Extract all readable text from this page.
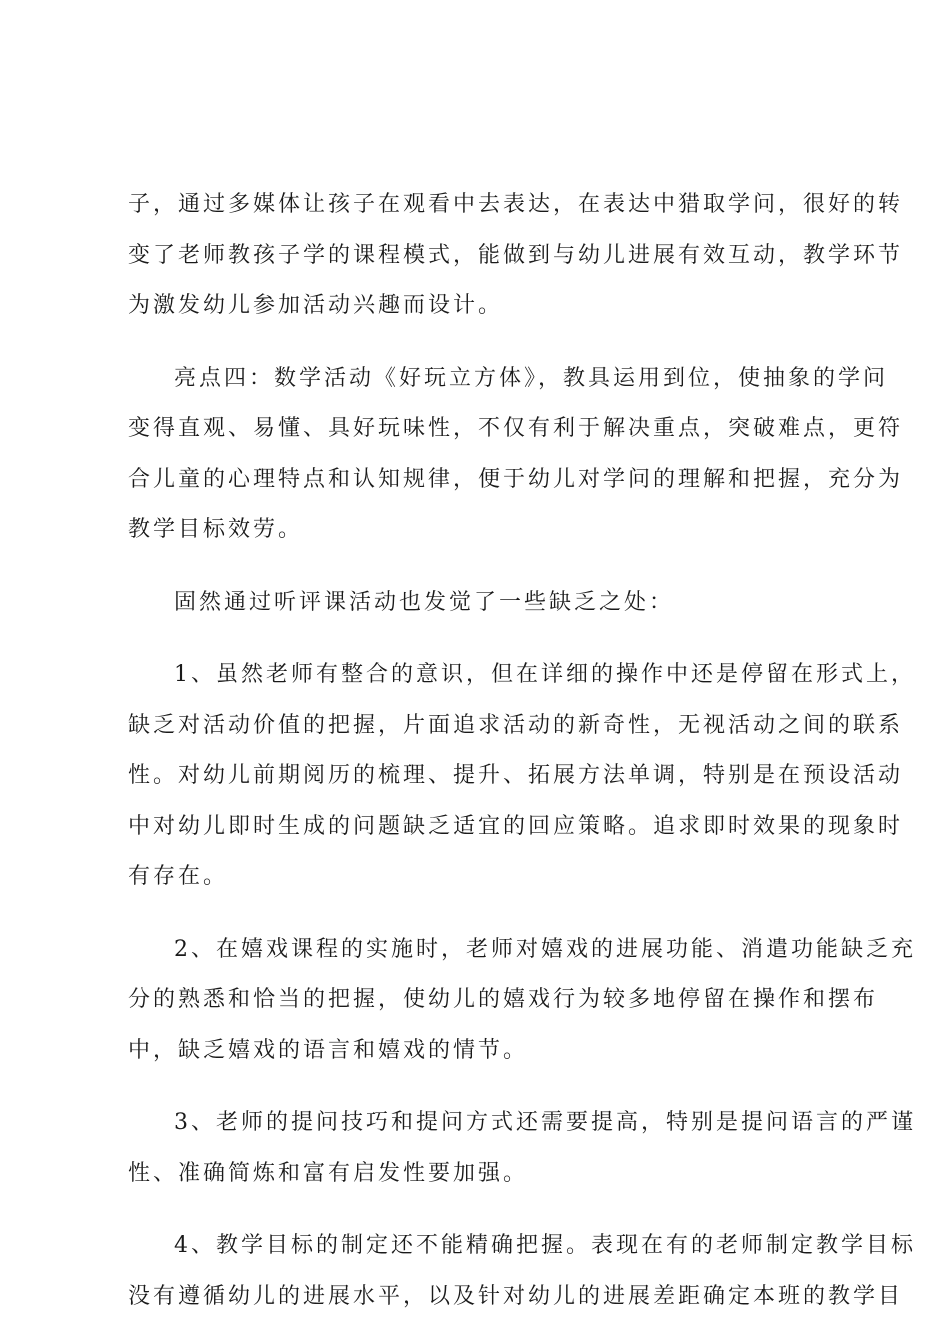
子，通过多媒体让孩子在观看中去表达，在表达中猎取学问，很好的转
变了老师教孩子学的课程模式，能做到与幼儿进展有效互动，教学环节
为激发幼儿参加活动兴趣而设计。
亮点四：数学活动《好玩立方体》，教具运用到位，使抽象的学问
变得直观、易懂、具好玩味性，不仅有利于解决重点，突破难点，更符
合儿童的心理特点和认知规律，便于幼儿对学问的理解和把握，充分为
教学目标效劳。
固然通过听评课活动也发觉了一些缺乏之处：
1、虽然老师有整合的意识，但在详细的操作中还是停留在形式上，
缺乏对活动价值的把握，片面追求活动的新奇性，无视活动之间的联系
性。对幼儿前期阅历的梳理、提升、拓展方法单调，特别是在预设活动
中对幼儿即时生成的问题缺乏适宜的回应策略。追求即时效果的现象时
有存在。
2、在嬉戏课程的实施时，老师对嬉戏的进展功能、消遣功能缺乏充
分的熟悉和恰当的把握，使幼儿的嬉戏行为较多地停留在操作和摆布
中，缺乏嬉戏的语言和嬉戏的情节。
3、老师的提问技巧和提问方式还需要提高，特别是提问语言的严谨
性、准确简炼和富有启发性要加强。
4、教学目标的制定还不能精确把握。表现在有的老师制定教学目标
没有遵循幼儿的进展水平，以及针对幼儿的进展差距确定本班的教学目
